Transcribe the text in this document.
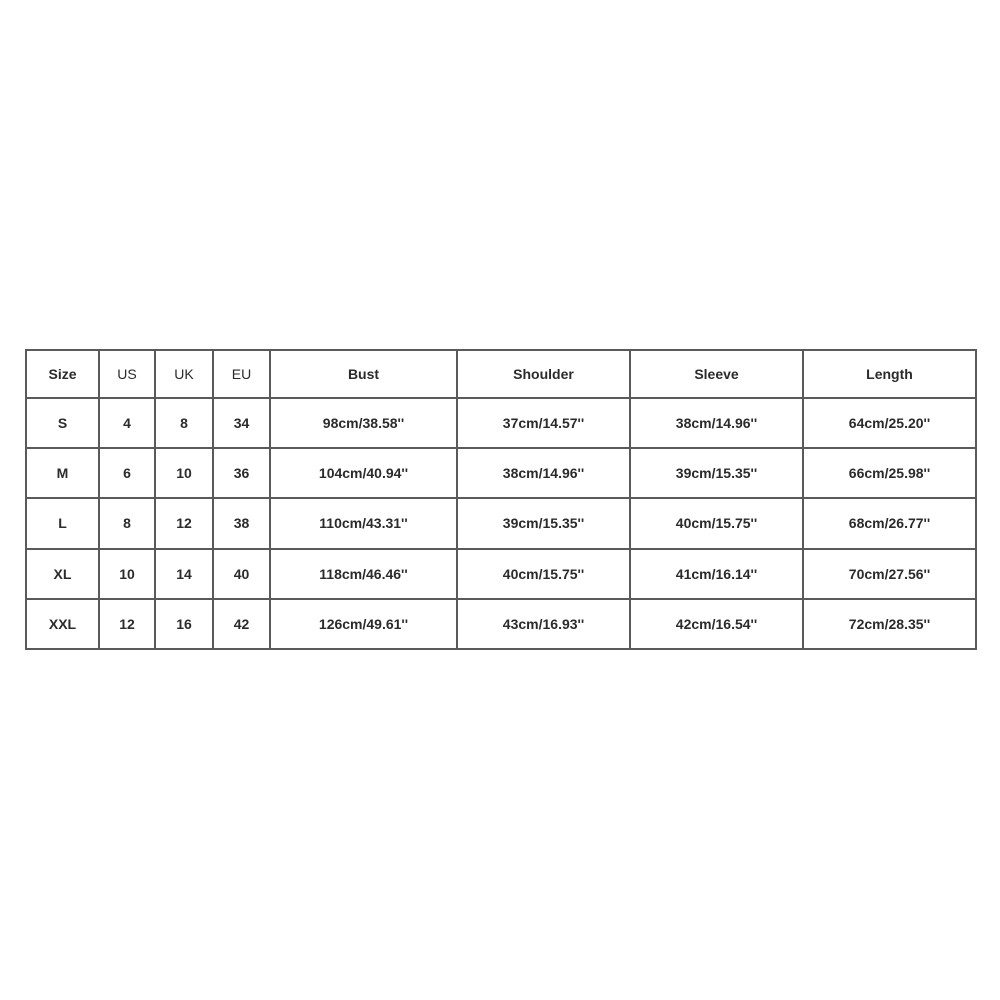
Size	US	UK	EU	Bust	Shoulder	Sleeve	Length
S	4	8	34	98cm/38.58''	37cm/14.57''	38cm/14.96''	64cm/25.20''
M	6	10	36	104cm/40.94''	38cm/14.96''	39cm/15.35''	66cm/25.98''
L	8	12	38	110cm/43.31''	39cm/15.35''	40cm/15.75''	68cm/26.77''
XL	10	14	40	118cm/46.46''	40cm/15.75''	41cm/16.14''	70cm/27.56''
XXL	12	16	42	126cm/49.61''	43cm/16.93''	42cm/16.54''	72cm/28.35''
